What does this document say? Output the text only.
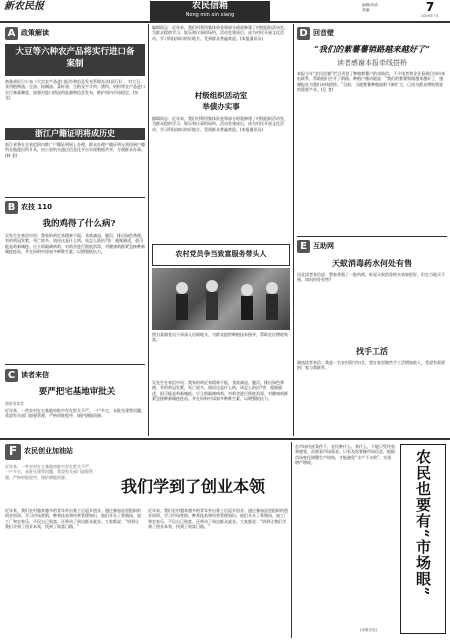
新农民报	农民信箱
Nong min xin xiang
编辑/房清:
美编:	7
2009年7月
A 政策解读
大豆等六种农产品将实行进口备案制
商务部近日公布《大宗农产品进口报告和信息发布管理办法(试行)》，对大豆、食用植物油、豆油、棕榈油、菜籽油、豆粕及牛羊肉、猪肉、奶粉等农产品进口实行备案制度，加强对进口情况的监测和信息发布，维护国内市场稳定。(东 北)
浙江户籍证明将成历史
浙江省将在全省范围内推广户籍证明网上办理，群众办理户籍证明无须再到户籍所在地派出所开具，由公安机关通过信息化平台实现数据共享，方便群众办事。(林 金)
B 农技 110
我的鸡得了什么病?
吴先生在来信中问：我家的鸡近来精神不振，食欲减退，腹泻，排出绿色粪便，有的鸡冠发紫，死亡较多。请问这是什么病，该怎么防治?答：根据描述，很可能是鸡新城疫。应立即隔离病鸡，对鸡舍进行彻底消毒，对健康鸡群紧急接种新城疫疫苗，并在饲料中添加多种维生素，以增强抵抗力。
C 读者来信
要严把宅基地审批关
湖南省读者
近年来，一些农村在宅基地审批中存在把关不严、一户多宅、未批先建等问题，希望有关部门加强管理，严格审批程序，保护耕地资源。
编辑同志：近年来，我们村利用集体资金和部分借款修建了村级组织活动室，为群众提供学习、娱乐和议事的场所。活动室建成后，成为村民开展文化活动、学习科技知识的好地方，受到群众普遍欢迎。(本报通讯员)
村级组织活动室
举债办实事
编辑同志：近年来，我们村利用集体资金和部分借款修建了村级组织活动室，为群众提供学习、娱乐和议事的场所。活动室建成后，成为村民开展文化活动、学习科技知识的好地方，受到群众普遍欢迎。(本报通讯员)
农村党员争当致富服务带头人
图为某镇党员干部深入田间地头，为群众提供种植技术指导，帮助农民增收致富。
吴先生在来信中问：我家的鸡近来精神不振，食欲减退，腹泻，排出绿色粪便，有的鸡冠发紫，死亡较多。请问这是什么病，该怎么防治?答：根据描述，很可能是鸡新城疫。应立即隔离病鸡，对鸡舍进行彻底消毒，对健康鸡群紧急接种新城疫疫苗，并在饲料中添加多种维生素，以增强抵抗力。
D 回音壁
“我们的紫薯薯销路越来越好了”
读者感谢本报牵线搭桥
本报今年“农民信箱”栏目刊登了种植紫薯户的求助信，不少读者和企业看到后纷纷来电联系，帮助他们打开了销路。种植户激动地说：“我们的紫薯销路越来越好了，感谢报社为我们牵线搭桥。”目前，当地紫薯种植面积不断扩大，已成为群众增收致富的重要产业。(记 者)
E 互助网
天蚁消毒药水何处有售
河北读者来信说：我家养殖了一批肉鸡，听说天蚁消毒药水效果很好，但在当地买不到，请问何处有售?
找手工活
湖南读者来信：我是一名农村留守妇女，想在家里做些手工活增加收入，希望有需要的厂家与我联系。
F 农民创业加油站
近年来，一些农村在宅基地审批中存在把关不严、一户多宅、未批先建等问题，希望有关部门加强管理，严格审批程序，保护耕地资源。	我们学到了创业本领
近年来，我们农村越来越多的青年外出务工后返乡创业。通过参加县里组织的创业培训，学习市场营销、种养技术和经营管理知识，他们开办了养殖场、加工厂和农家乐，不仅自己致富，还带动了周边群众就业。大家都说：“培训让我们学到了创业本领，找到了致富门路。”
近年来，我们农村越来越多的青年外出务工后返乡创业。通过参加县里组织的创业培训，学习市场营销、种养技术和经营管理知识，他们开办了养殖场、加工厂和农家乐，不仅自己致富，还带动了周边群众就业。大家都说：“培训让我们学到了创业本领，找到了致富门路。”
在市场经济条件下，农民种什么、养什么，不能只凭经验和感觉，而要看市场需求。只有及时掌握市场信息，根据市场变化调整生产结构，才能避免“丰产不丰收”，实现增产增收。	农民也要有“市场眼”
(本报评论)
